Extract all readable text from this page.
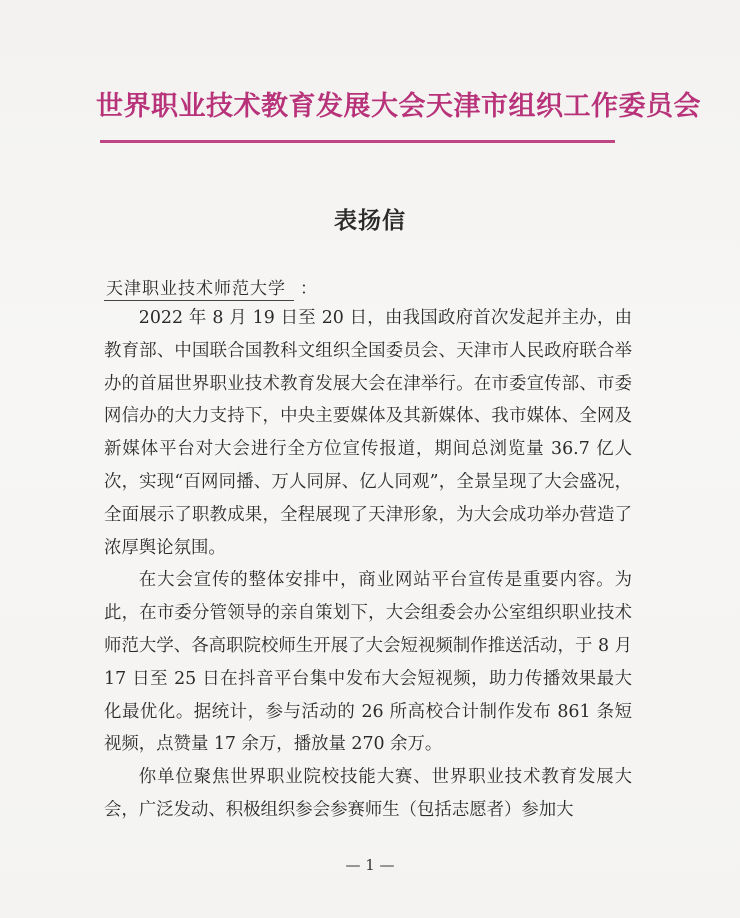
世界职业技术教育发展大会天津市组织工作委员会
表扬信
天津职业技术师范大学 ：

2022 年 8 月 19 日至 20 日，由我国政府首次发起并主办，由教育部、中国联合国教科文组织全国委员会、天津市人民政府联合举办的首届世界职业技术教育发展大会在津举行。在市委宣传部、市委网信办的大力支持下，中央主要媒体及其新媒体、我市媒体、全网及新媒体平台对大会进行全方位宣传报道，期间总浏览量 36.7 亿人次，实现“百网同播、万人同屏、亿人同观”，全景呈现了大会盛况，全面展示了职教成果，全程展现了天津形象，为大会成功举办营造了浓厚舆论氛围。

在大会宣传的整体安排中，商业网站平台宣传是重要内容。为此，在市委分管领导的亲自策划下，大会组委会办公室组织职业技术师范大学、各高职院校师生开展了大会短视频制作推送活动，于 8 月 17 日至 25 日在抖音平台集中发布大会短视频，助力传播效果最大化最优化。据统计，参与活动的 26 所高校合计制作发布 861 条短视频，点赞量 17 余万，播放量 270 余万。

你单位聚焦世界职业院校技能大赛、世界职业技术教育发展大会，广泛发动、积极组织参会参赛师生（包括志愿者）参加大

— 1 —
